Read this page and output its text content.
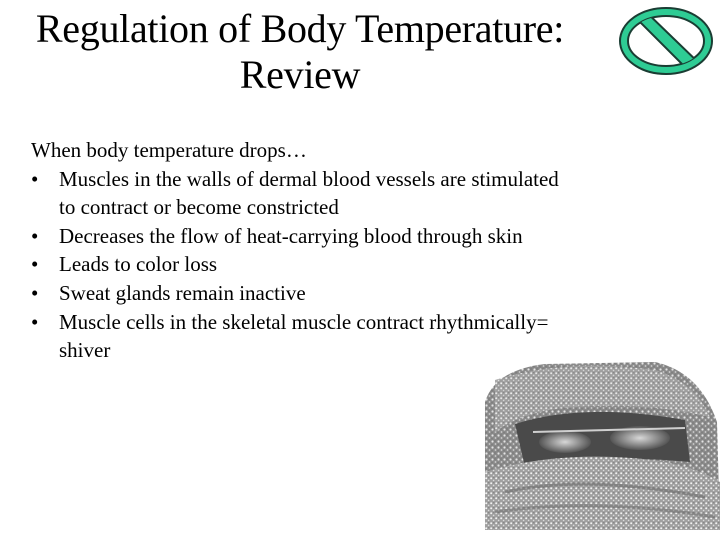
Regulation of Body Temperature:
Review

When body temperature drops…

• Muscles in the walls of dermal blood vessels are stimulated
to contract or become constricted
• Decreases the flow of heat-carrying blood through skin
• Leads to color loss
• Sweat glands remain inactive
• Muscle cells in the skeletal muscle contract rhythmically=
shiver
